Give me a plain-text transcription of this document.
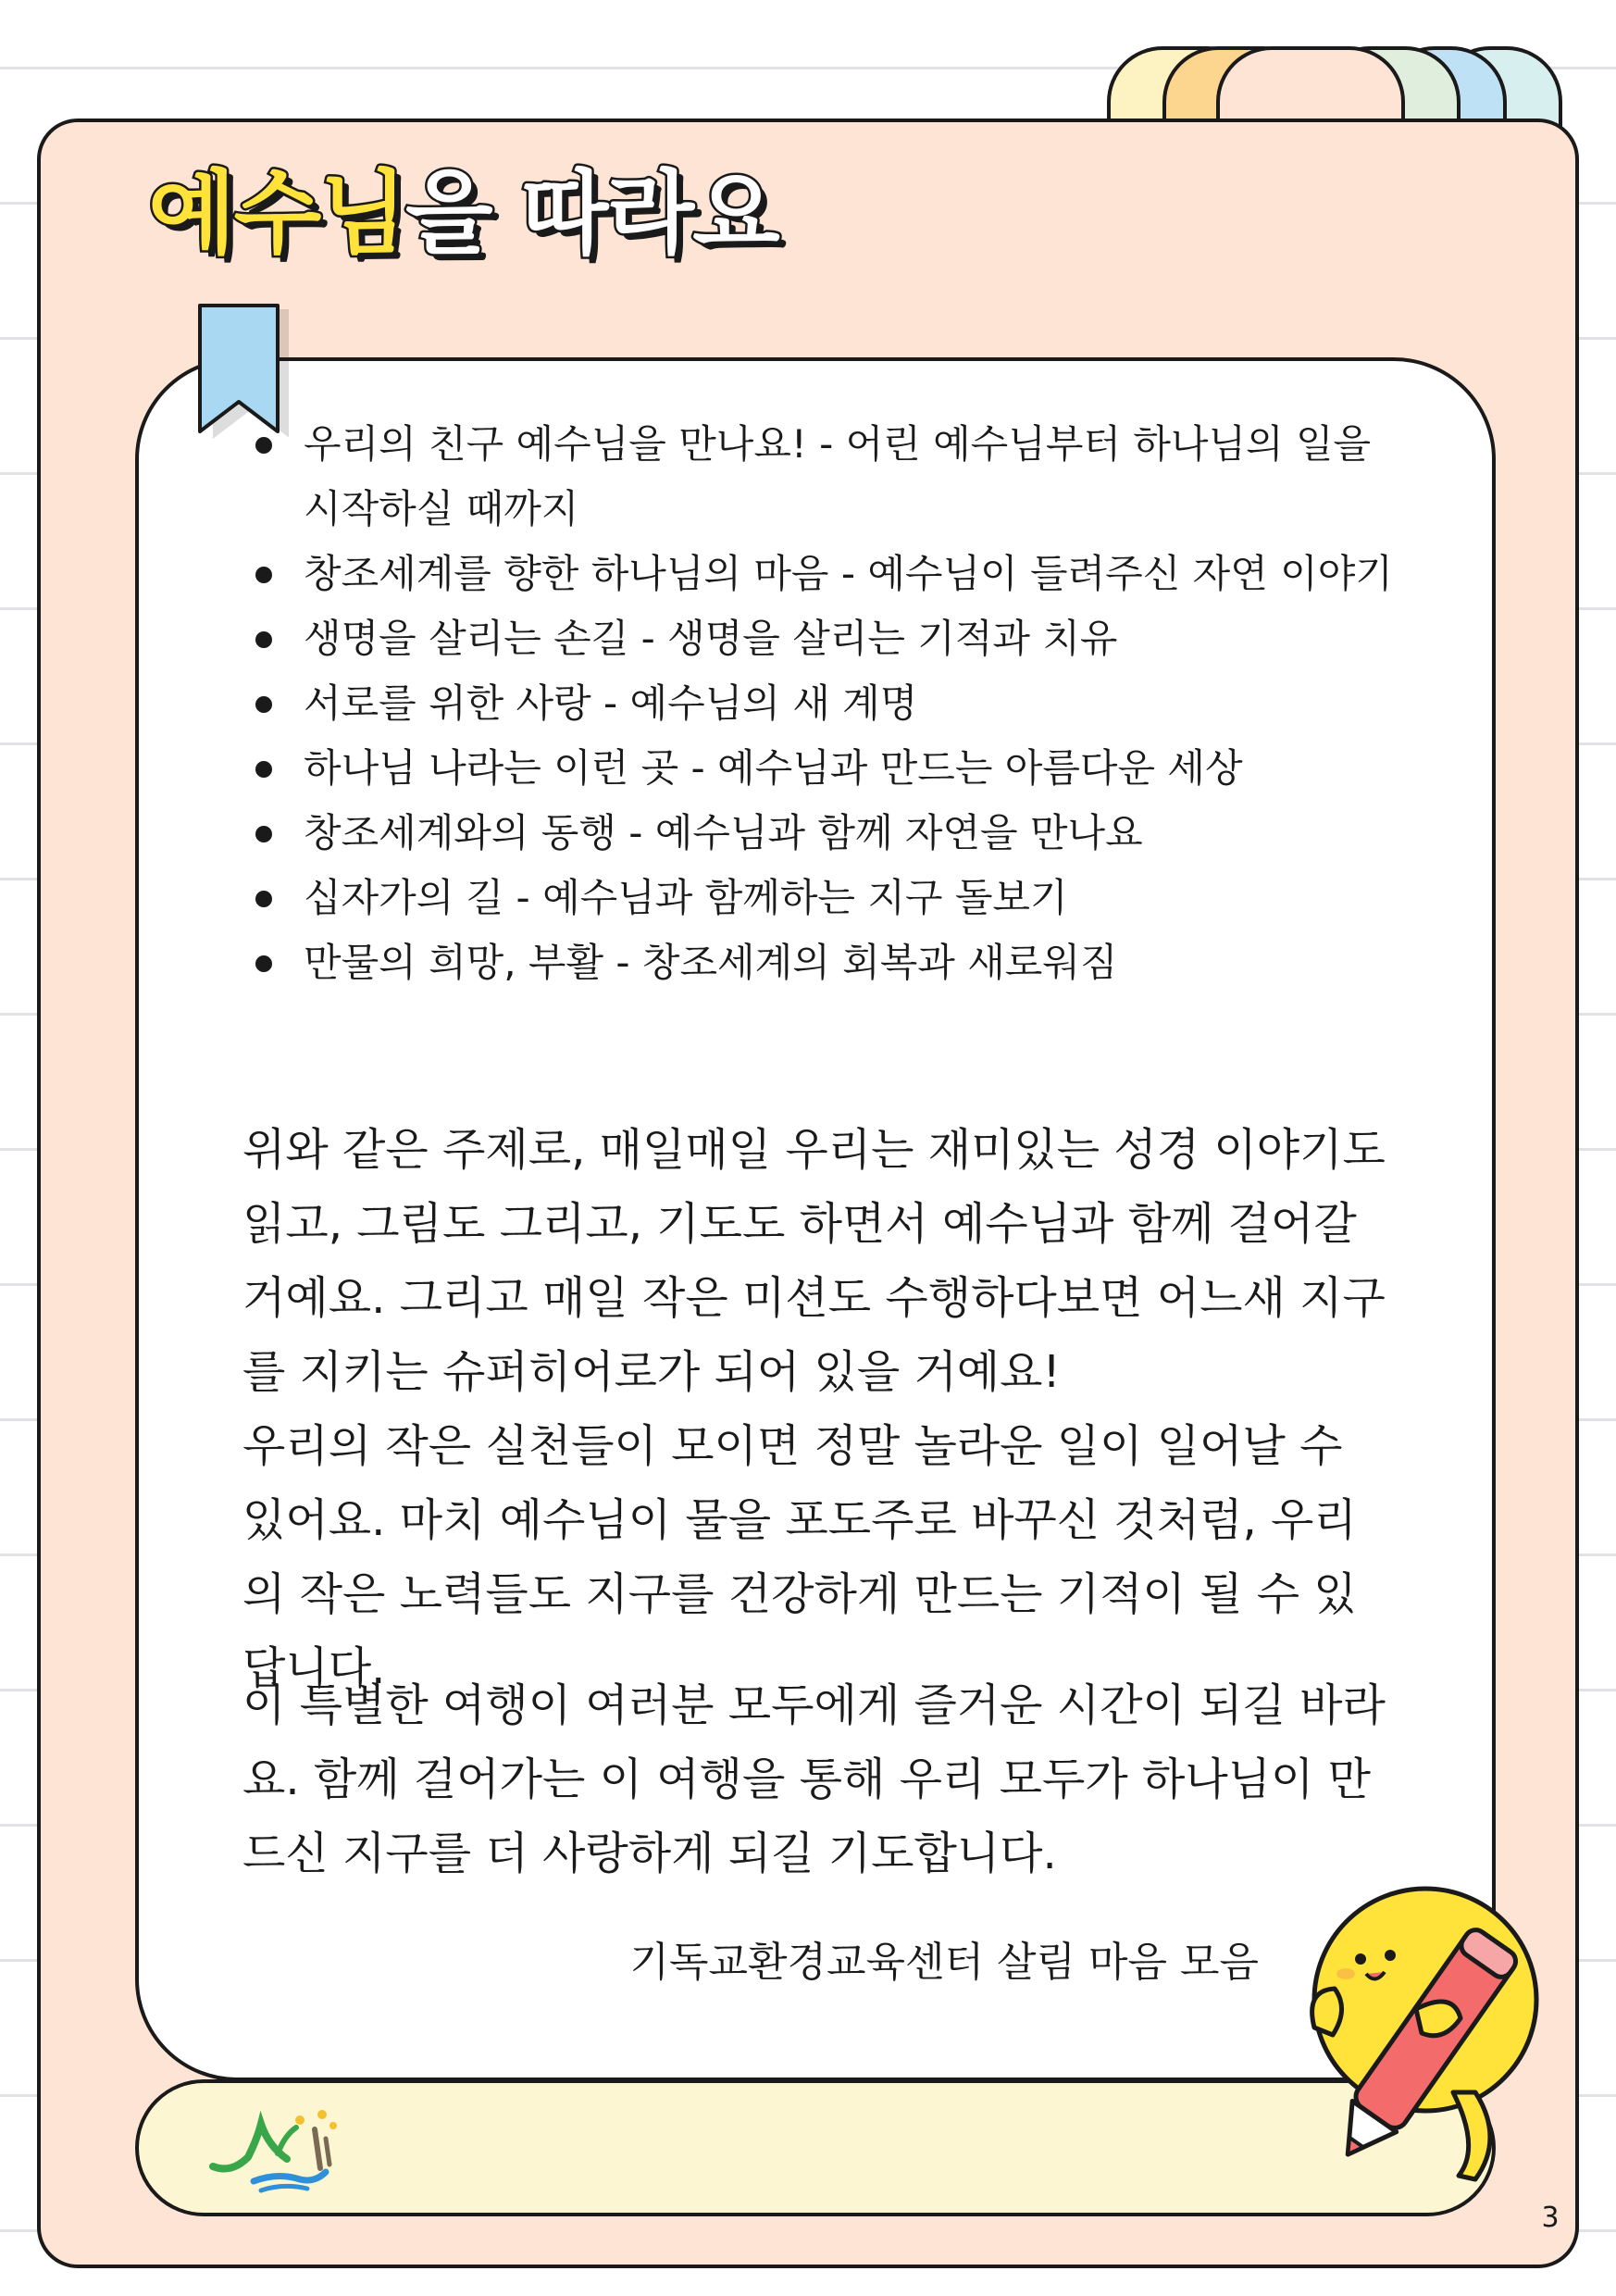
예수님을 따라요
우리의 친구 예수님을 만나요! - 어린 예수님부터 하나님의 일을 시작하실 때까지
창조세계를 향한 하나님의 마음 - 예수님이 들려주신 자연 이야기
생명을 살리는 손길 - 생명을 살리는 기적과 치유
서로를 위한 사랑 - 예수님의 새 계명
하나님 나라는 이런 곳 - 예수님과 만드는 아름다운 세상
창조세계와의 동행 - 예수님과 함께 자연을 만나요
십자가의 길 - 예수님과 함께하는 지구 돌보기
만물의 희망, 부활 - 창조세계의 회복과 새로워짐

위와 같은 주제로, 매일매일 우리는 재미있는 성경 이야기도 읽고, 그림도 그리고, 기도도 하면서 예수님과 함께 걸어갈 거예요. 그리고 매일 작은 미션도 수행하다보면 어느새 지구를 지키는 슈퍼히어로가 되어 있을 거예요!

우리의 작은 실천들이 모이면 정말 놀라운 일이 일어날 수 있어요. 마치 예수님이 물을 포도주로 바꾸신 것처럼, 우리의 작은 노력들도 지구를 건강하게 만드는 기적이 될 수 있답니다.

이 특별한 여행이 여러분 모두에게 즐거운 시간이 되길 바라요. 함께 걸어가는 이 여행을 통해 우리 모두가 하나님이 만드신 지구를 더 사랑하게 되길 기도합니다.

기독교환경교육센터 살림 마음 모음

3
